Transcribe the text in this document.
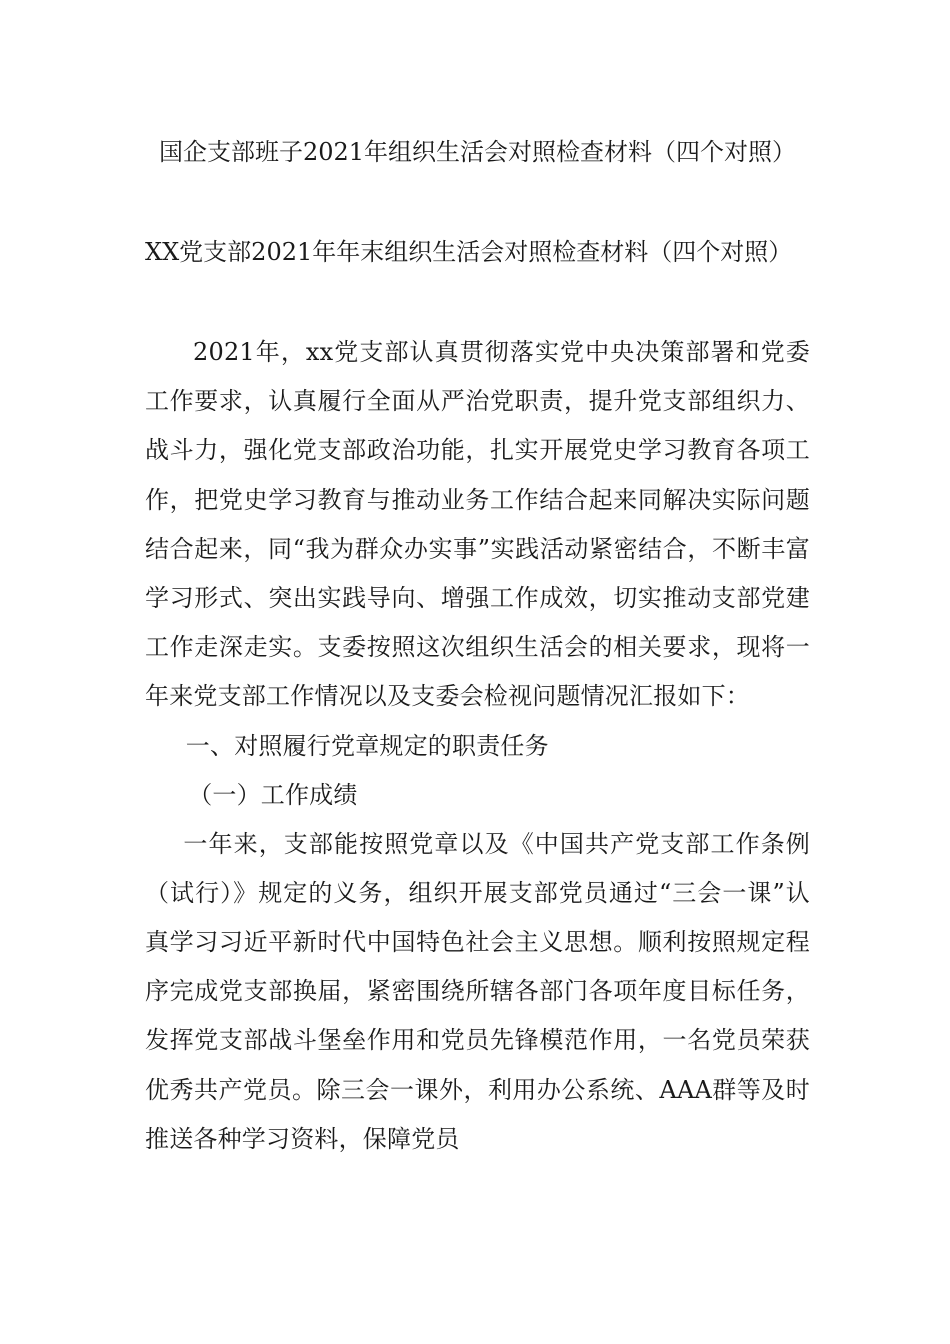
国企支部班子2021年组织生活会对照检查材料（四个对照）

XX党支部2021年年末组织生活会对照检查材料（四个对照）

2021年，xx党支部认真贯彻落实党中央决策部署和党委工作要求，认真履行全面从严治党职责，提升党支部组织力、战斗力，强化党支部政治功能，扎实开展党史学习教育各项工作，把党史学习教育与推动业务工作结合起来同解决实际问题结合起来，同“我为群众办实事”实践活动紧密结合，不断丰富学习形式、突出实践导向、增强工作成效，切实推动支部党建工作走深走实。支委按照这次组织生活会的相关要求，现将一年来党支部工作情况以及支委会检视问题情况汇报如下：

一、对照履行党章规定的职责任务

（一）工作成绩

一年来，支部能按照党章以及《中国共产党支部工作条例（试行）》规定的义务，组织开展支部党员通过“三会一课”认真学习习近平新时代中国特色社会主义思想。顺利按照规定程序完成党支部换届，紧密围绕所辖各部门各项年度目标任务，发挥党支部战斗堡垒作用和党员先锋模范作用，一名党员荣获优秀共产党员。除三会一课外，利用办公系统、AAA群等及时推送各种学习资料，保障党员
